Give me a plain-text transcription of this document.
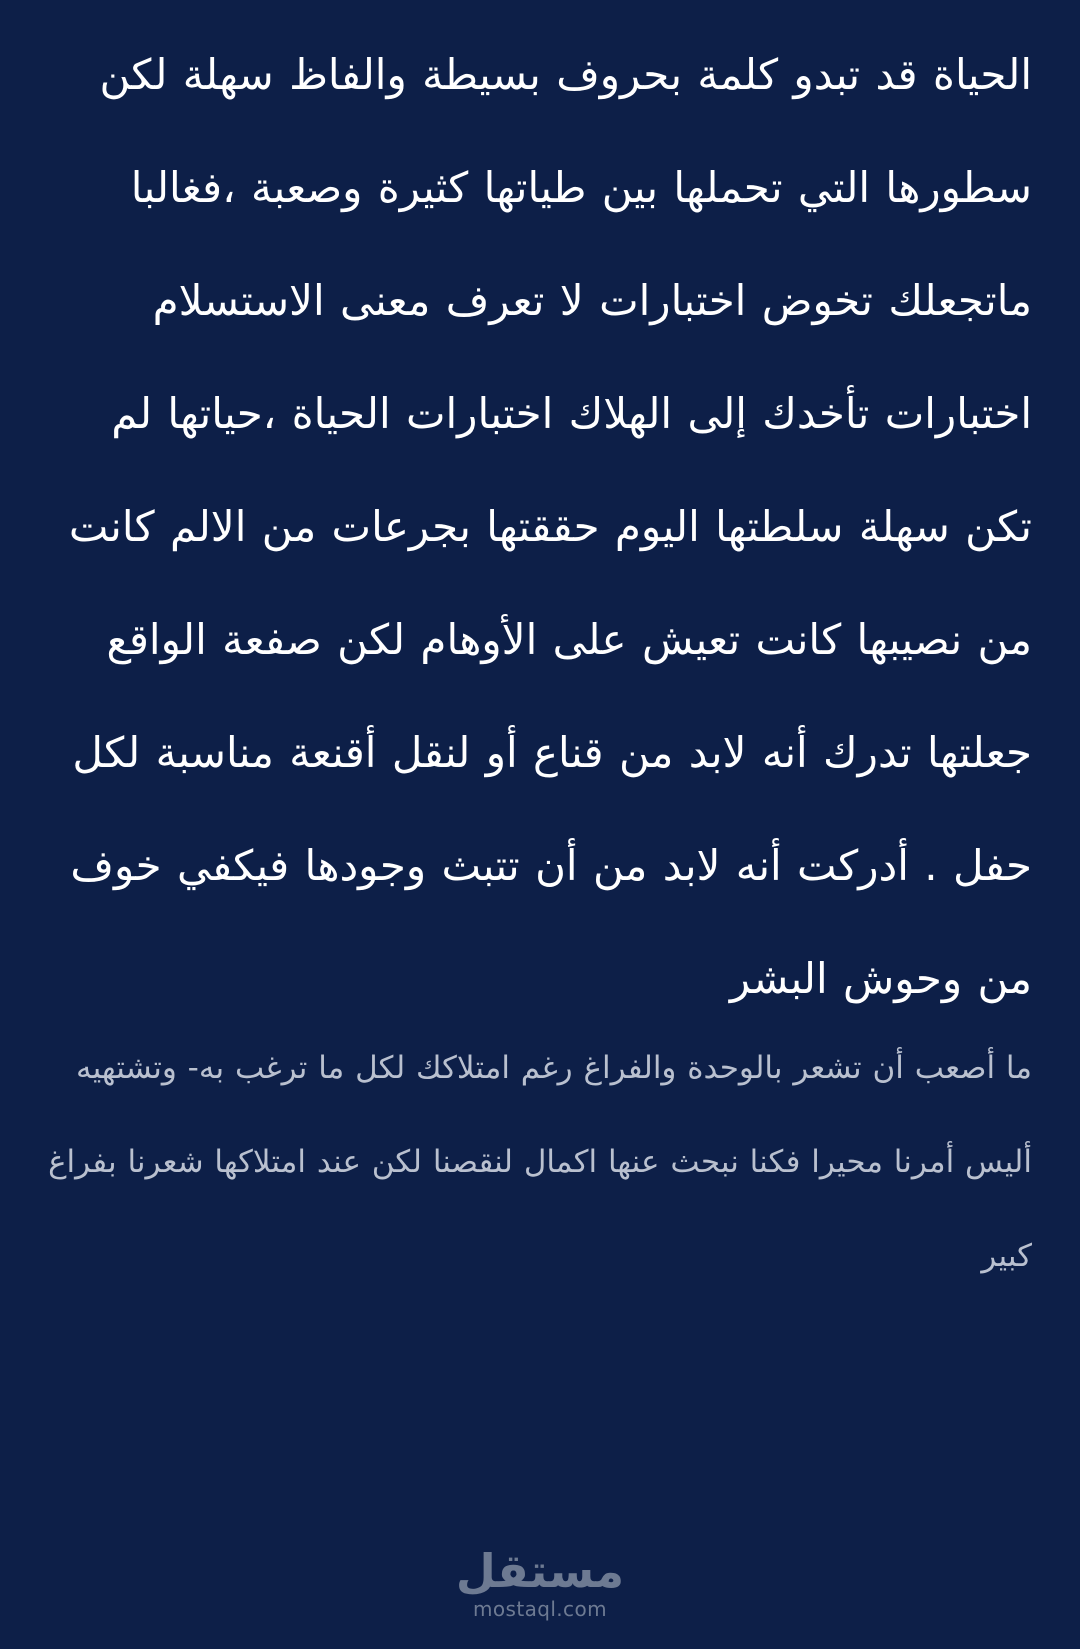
الحياة قد تبدو كلمة بحروف بسيطة والفاظ سهلة لكن سطورها التي تحملها بين طياتها كثيرة وصعبة ،فغالبا ماتجعلك تخوض اختبارات لا تعرف معنى الاستسلام اختبارات تأخدك إلى الهلاك اختبارات الحياة ،حياتها لم تكن سهلة سلطتها اليوم حققتها بجرعات من الالم كانت من نصيبها كانت تعيش على الأوهام لكن صفعة الواقع جعلتها تدرك أنه لابد من قناع أو لنقل أقنعة مناسبة لكل حفل . أدركت أنه لابد من أن تتبث وجودها فيكفي خوف من وحوش البشر

ما أصعب أن تشعر بالوحدة والفراغ رغم امتلاكك لكل ما ترغب به- وتشتهيه أليس أمرنا محيرا فكنا نبحث عنها اكمال لنقصنا لكن عند امتلاكها شعرنا بفراغ كبير

مستقل
mostaql.com
